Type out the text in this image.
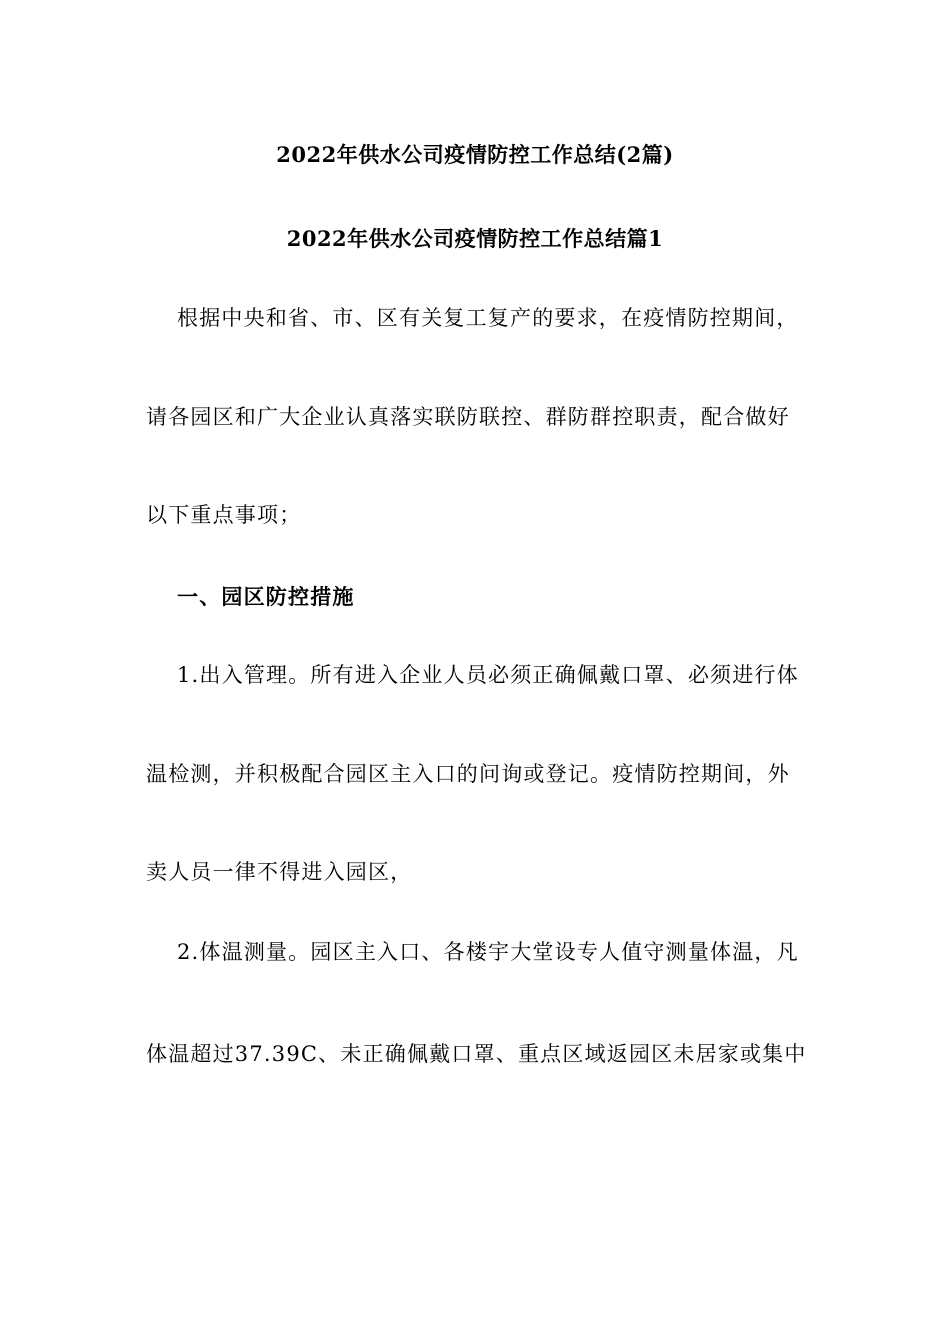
2022年供水公司疫情防控工作总结(2篇)
2022年供水公司疫情防控工作总结篇1
根据中央和省、市、区有关复工复产的要求，在疫情防控期间，
请各园区和广大企业认真落实联防联控、群防群控职责，配合做好
以下重点事项；
一、园区防控措施
1.出入管理。所有进入企业人员必须正确佩戴口罩、必须进行体
温检测，并积极配合园区主入口的问询或登记。疫情防控期间，外
卖人员一律不得进入园区，
2.体温测量。园区主入口、各楼宇大堂设专人值守测量体温，凡
体温超过37.39C、未正确佩戴口罩、重点区域返园区未居家或集中
